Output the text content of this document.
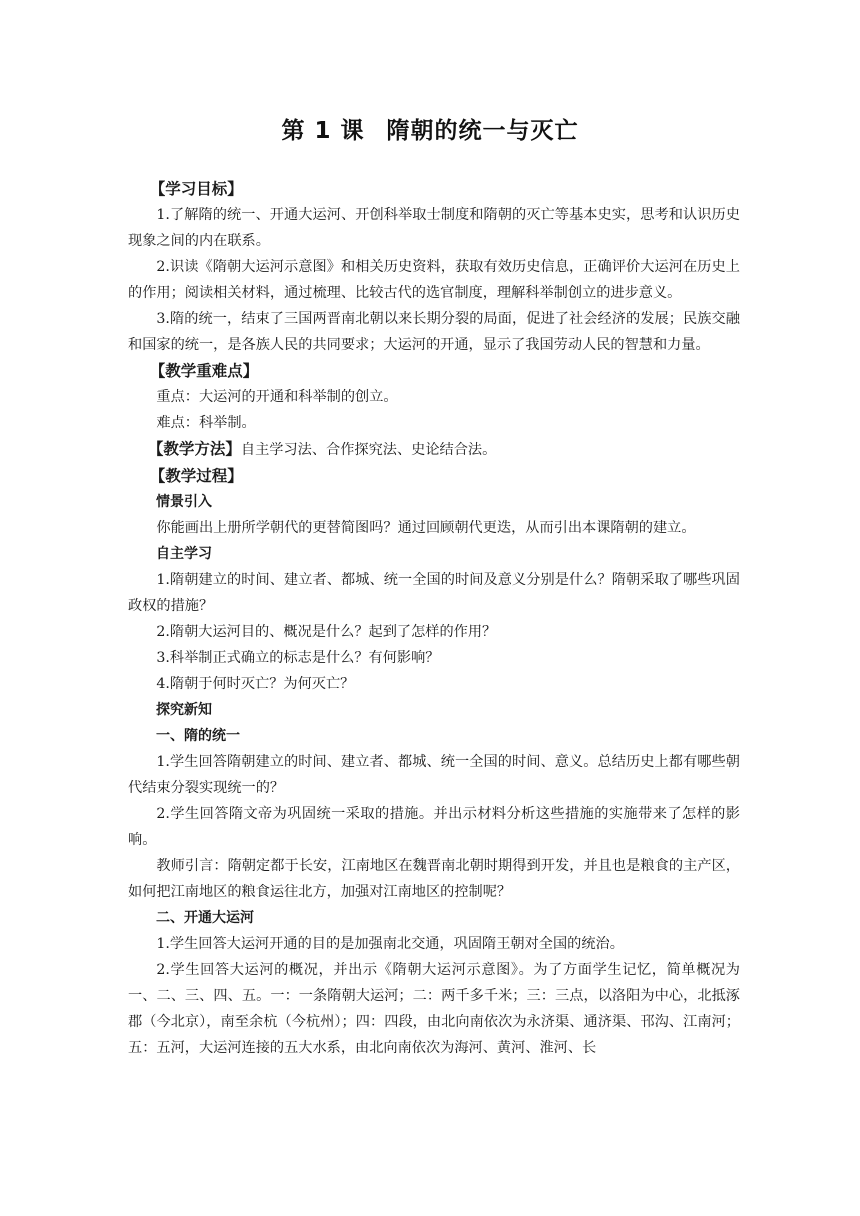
第 1 课 隋朝的统一与灭亡

【学习目标】

1.了解隋的统一、开通大运河、开创科举取士制度和隋朝的灭亡等基本史实，思考和认识历史现象之间的内在联系。

2.识读《隋朝大运河示意图》和相关历史资料，获取有效历史信息，正确评价大运河在历史上的作用；阅读相关材料，通过梳理、比较古代的选官制度，理解科举制创立的进步意义。

3.隋的统一，结束了三国两晋南北朝以来长期分裂的局面，促进了社会经济的发展；民族交融和国家的统一，是各族人民的共同要求；大运河的开通，显示了我国劳动人民的智慧和力量。

【教学重难点】

重点：大运河的开通和科举制的创立。

难点：科举制。

【教学方法】自主学习法、合作探究法、史论结合法。

【教学过程】

情景引入

你能画出上册所学朝代的更替简图吗？通过回顾朝代更迭，从而引出本课隋朝的建立。

自主学习

1.隋朝建立的时间、建立者、都城、统一全国的时间及意义分别是什么？隋朝采取了哪些巩固政权的措施？

2.隋朝大运河目的、概况是什么？起到了怎样的作用？

3.科举制正式确立的标志是什么？有何影响？

4.隋朝于何时灭亡？为何灭亡？

探究新知

一、隋的统一

1.学生回答隋朝建立的时间、建立者、都城、统一全国的时间、意义。总结历史上都有哪些朝代结束分裂实现统一的？

2.学生回答隋文帝为巩固统一采取的措施。并出示材料分析这些措施的实施带来了怎样的影响。

教师引言：隋朝定都于长安，江南地区在魏晋南北朝时期得到开发，并且也是粮食的主产区，如何把江南地区的粮食运往北方，加强对江南地区的控制呢？

二、开通大运河

1.学生回答大运河开通的目的是加强南北交通，巩固隋王朝对全国的统治。

2.学生回答大运河的概况，并出示《隋朝大运河示意图》。为了方面学生记忆，简单概况为一、二、三、四、五。一：一条隋朝大运河；二：两千多千米；三：三点，以洛阳为中心，北抵涿郡（今北京），南至余杭（今杭州）；四：四段，由北向南依次为永济渠、通济渠、邗沟、江南河；五：五河，大运河连接的五大水系，由北向南依次为海河、黄河、淮河、长
